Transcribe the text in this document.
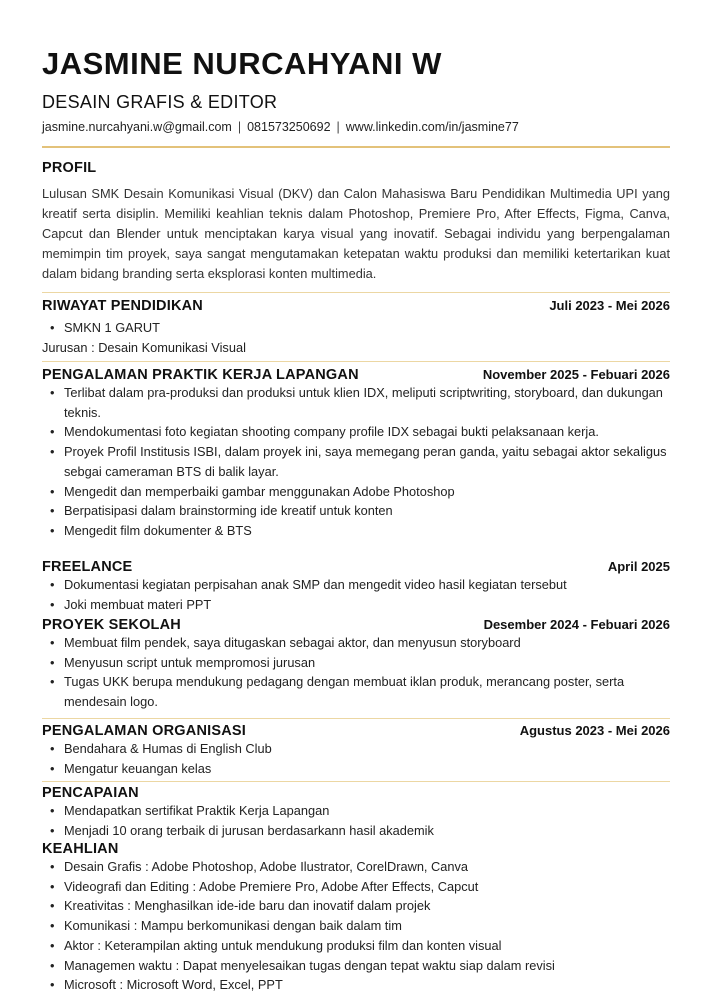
JASMINE NURCAHYANI W
DESAIN GRAFIS & EDITOR
jasmine.nurcahyani.w@gmail.com | 081573250692 | www.linkedin.com/in/jasmine77
PROFIL
Lulusan SMK Desain Komunikasi Visual (DKV) dan Calon Mahasiswa Baru Pendidikan Multimedia UPI yang kreatif serta disiplin. Memiliki keahlian teknis dalam Photoshop, Premiere Pro, After Effects, Figma, Canva, Capcut dan Blender untuk menciptakan karya visual yang inovatif. Sebagai individu yang berpengalaman memimpin tim proyek, saya sangat mengutamakan ketepatan waktu produksi dan memiliki ketertarikan kuat dalam bidang branding serta eksplorasi konten multimedia.
RIWAYAT PENDIDIKAN	Juli 2023 - Mei 2026
• SMKN 1 GARUT
Jurusan : Desain Komunikasi Visual
PENGALAMAN PRAKTIK KERJA LAPANGAN	November 2025 - Febuari 2026
• Terlibat dalam pra-produksi dan produksi untuk klien IDX, meliputi scriptwriting, storyboard, dan dukungan teknis.
• Mendokumentasi foto kegiatan shooting company profile IDX sebagai bukti pelaksanaan kerja.
• Proyek Profil Institusis ISBI, dalam proyek ini, saya memegang peran ganda, yaitu sebagai aktor sekaligus sebgai cameraman BTS di balik layar.
• Mengedit dan memperbaiki gambar menggunakan Adobe Photoshop
• Berpatisipasi dalam brainstorming ide kreatif untuk konten
• Mengedit film dokumenter & BTS
FREELANCE	April 2025
• Dokumentasi kegiatan perpisahan anak SMP dan mengedit video hasil kegiatan tersebut
• Joki membuat materi PPT
PROYEK SEKOLAH	Desember 2024 - Febuari 2026
• Membuat film pendek, saya ditugaskan sebagai aktor, dan menyusun storyboard
• Menyusun script untuk mempromosi jurusan
• Tugas UKK berupa mendukung pedagang dengan membuat iklan produk, merancang poster, serta mendesain logo.
PENGALAMAN ORGANISASI	Agustus 2023 - Mei 2026
• Bendahara & Humas di English Club
• Mengatur keuangan kelas
PENCAPAIAN
• Mendapatkan sertifikat Praktik Kerja Lapangan
• Menjadi 10 orang terbaik di jurusan berdasarkann hasil akademik
KEAHLIAN
• Desain Grafis : Adobe Photoshop, Adobe Ilustrator, CorelDrawn, Canva
• Videografi dan Editing : Adobe Premiere Pro, Adobe After Effects, Capcut
• Kreativitas : Menghasilkan ide-ide baru dan inovatif dalam projek
• Komunikasi : Mampu berkomunikasi dengan baik dalam tim
• Aktor : Keterampilan akting untuk mendukung produksi film dan konten visual
• Managemen waktu : Dapat menyelesaikan tugas dengan tepat waktu siap dalam revisi
• Microsoft : Microsoft Word, Excel, PPT
